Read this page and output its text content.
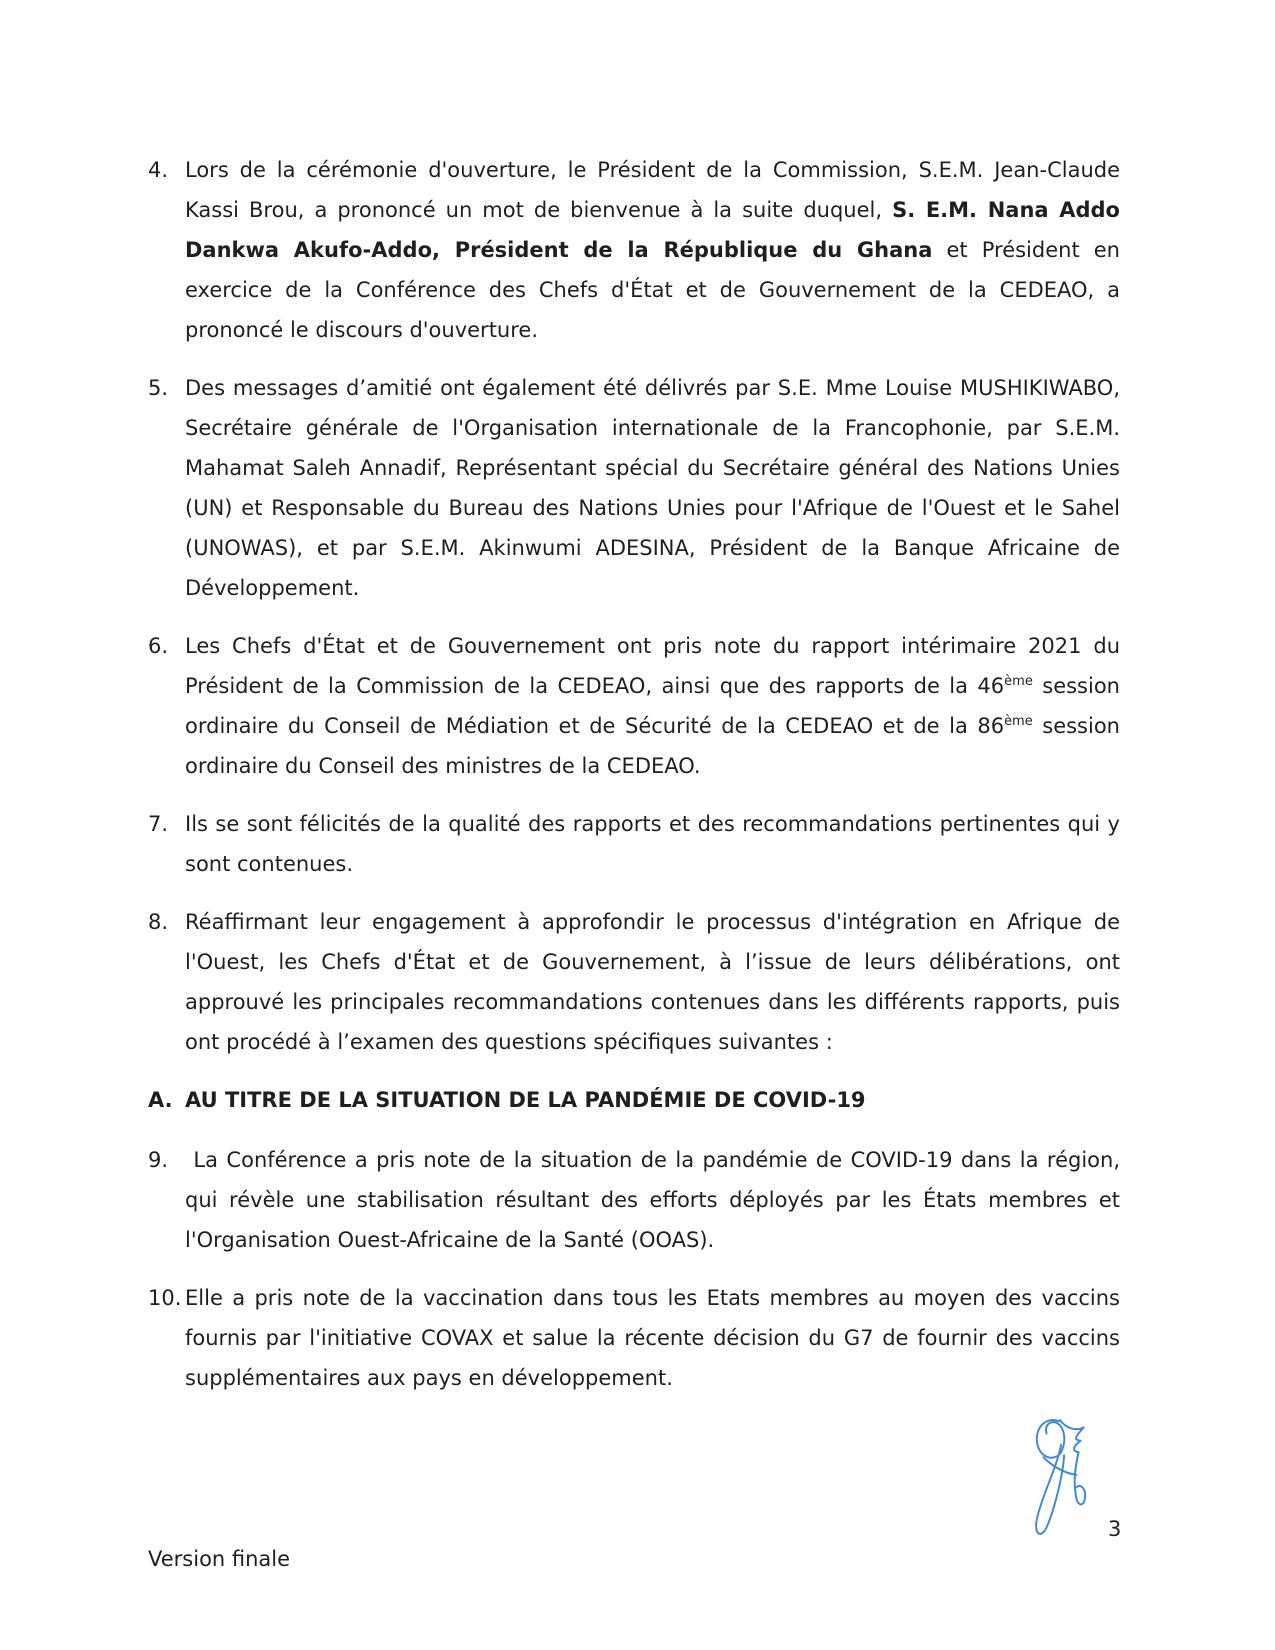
4. Lors de la cérémonie d'ouverture, le Président de la Commission, S.E.M. Jean-Claude Kassi Brou, a prononcé un mot de bienvenue à la suite duquel, S. E.M. Nana Addo Dankwa Akufo-Addo, Président de la République du Ghana et Président en exercice de la Conférence des Chefs d'État et de Gouvernement de la CEDEAO, a prononcé le discours d'ouverture.
5. Des messages d’amitié ont également été délivrés par S.E. Mme Louise MUSHIKIWABO, Secrétaire générale de l'Organisation internationale de la Francophonie, par S.E.M. Mahamat Saleh Annadif, Représentant spécial du Secrétaire général des Nations Unies (UN) et Responsable du Bureau des Nations Unies pour l'Afrique de l'Ouest et le Sahel (UNOWAS), et par S.E.M. Akinwumi ADESINA, Président de la Banque Africaine de Développement.
6. Les Chefs d'État et de Gouvernement ont pris note du rapport intérimaire 2021 du Président de la Commission de la CEDEAO, ainsi que des rapports de la 46ème session ordinaire du Conseil de Médiation et de Sécurité de la CEDEAO et de la 86ème session ordinaire du Conseil des ministres de la CEDEAO.
7. Ils se sont félicités de la qualité des rapports et des recommandations pertinentes qui y sont contenues.
8. Réaffirmant leur engagement à approfondir le processus d'intégration en Afrique de l'Ouest, les Chefs d'État et de Gouvernement, à l’issue de leurs délibérations, ont approuvé les principales recommandations contenues dans les différents rapports, puis ont procédé à l’examen des questions spécifiques suivantes :
A. AU TITRE DE LA SITUATION DE LA PANDÉMIE DE COVID-19
9. La Conférence a pris note de la situation de la pandémie de COVID-19 dans la région, qui révèle une stabilisation résultant des efforts déployés par les États membres et l'Organisation Ouest-Africaine de la Santé (OOAS).
10. Elle a pris note de la vaccination dans tous les Etats membres au moyen des vaccins fournis par l'initiative COVAX et salue la récente décision du G7 de fournir des vaccins supplémentaires aux pays en développement.
3
Version finale
